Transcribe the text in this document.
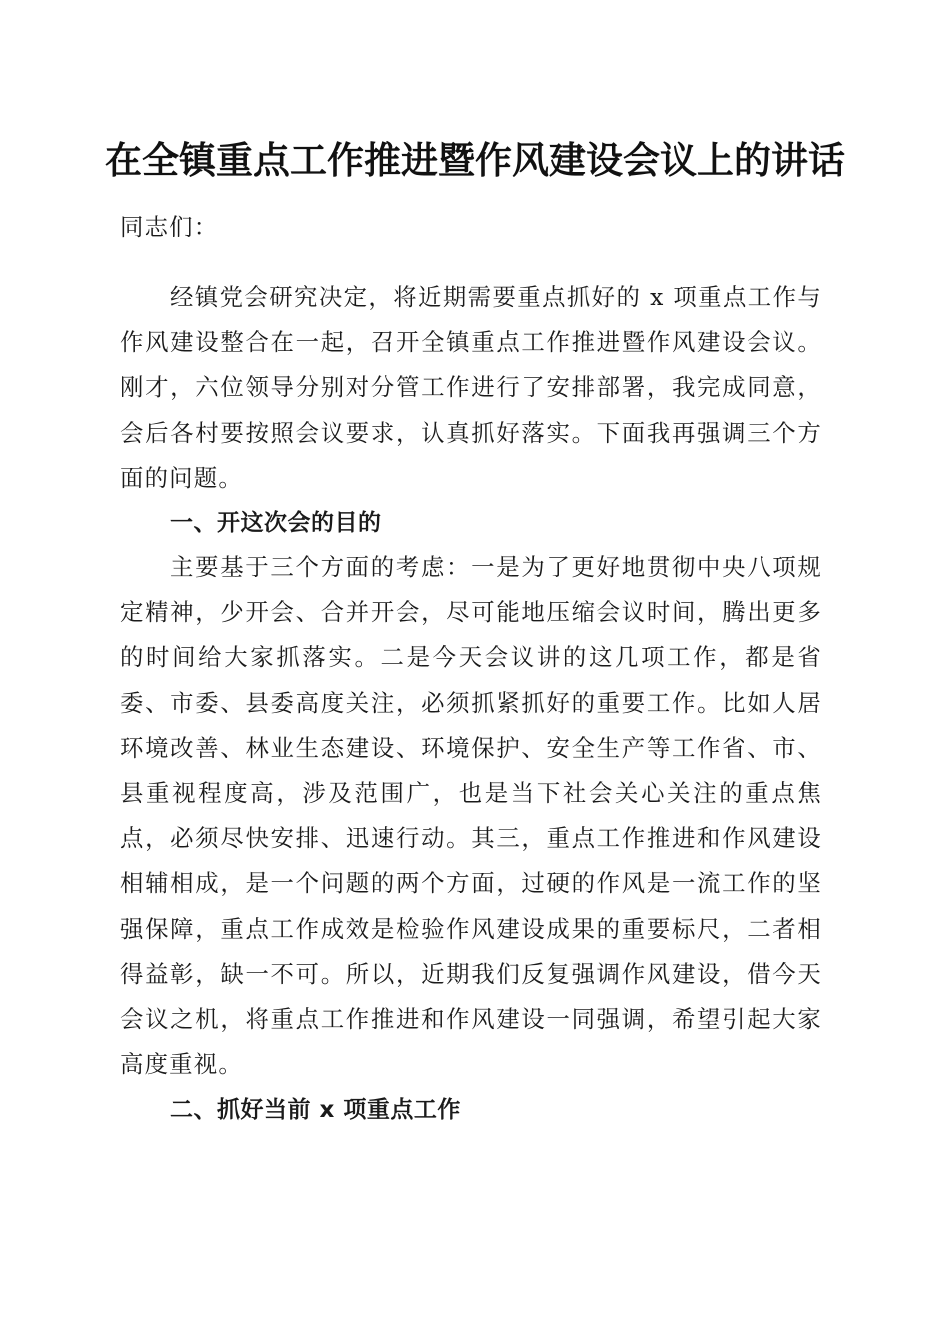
在全镇重点工作推进暨作风建设会议上的讲话

同志们：

经镇党会研究决定，将近期需要重点抓好的 x 项重点工作与作风建设整合在一起，召开全镇重点工作推进暨作风建设会议。刚才，六位领导分别对分管工作进行了安排部署，我完成同意，会后各村要按照会议要求，认真抓好落实。下面我再强调三个方面的问题。

一、开这次会的目的

主要基于三个方面的考虑：一是为了更好地贯彻中央八项规定精神，少开会、合并开会，尽可能地压缩会议时间，腾出更多的时间给大家抓落实。二是今天会议讲的这几项工作，都是省委、市委、县委高度关注，必须抓紧抓好的重要工作。比如人居环境改善、林业生态建设、环境保护、安全生产等工作省、市、县重视程度高，涉及范围广，也是当下社会关心关注的重点焦点，必须尽快安排、迅速行动。其三，重点工作推进和作风建设相辅相成，是一个问题的两个方面，过硬的作风是一流工作的坚强保障，重点工作成效是检验作风建设成果的重要标尺，二者相得益彰，缺一不可。所以，近期我们反复强调作风建设，借今天会议之机，将重点工作推进和作风建设一同强调，希望引起大家高度重视。

二、抓好当前 x 项重点工作
